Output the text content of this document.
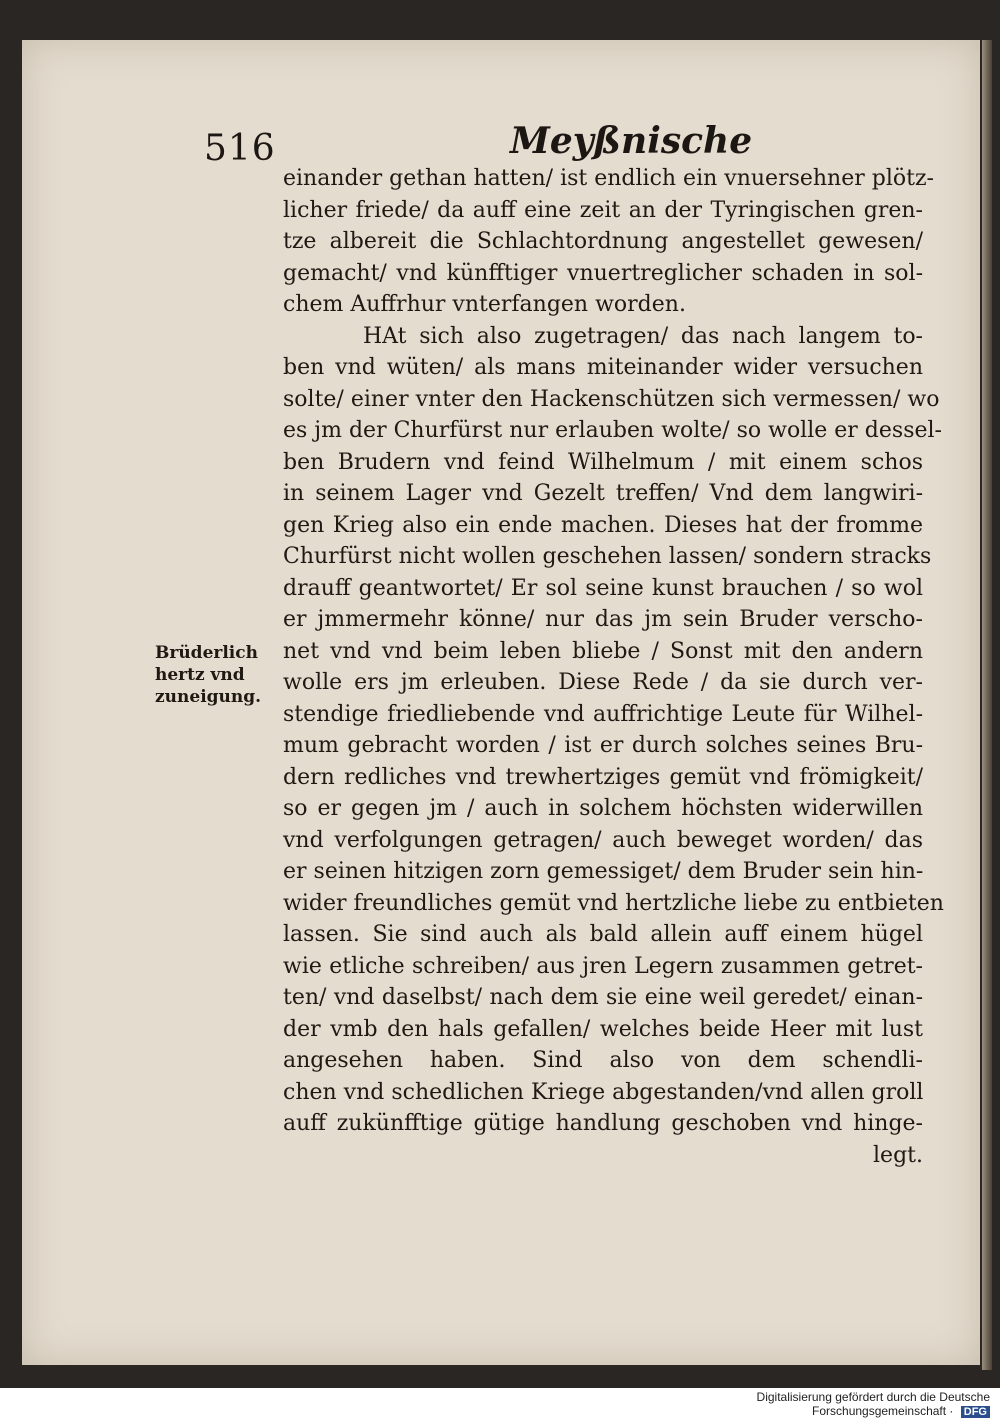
516	Meyßnische
Brüderlich
hertz vnd
zuneigung.
einander gethan hatten/ ist endlich ein vnuersehner plötz-
licher friede/ da auff eine zeit an der Tyringischen gren-
tze albereit die Schlachtordnung angestellet gewesen/
gemacht/ vnd künfftiger vnuertreglicher schaden in sol-
chem Auffrhur vnterfangen worden.
HAt sich also zugetragen/ das nach langem to-
ben vnd wüten/ als mans miteinander wider versuchen
solte/ einer vnter den Hackenschützen sich vermessen/ wo
es jm der Churfürst nur erlauben wolte/ so wolle er dessel-
ben Brudern vnd feind Wilhelmum / mit einem schos
in seinem Lager vnd Gezelt treffen/ Vnd dem langwiri-
gen Krieg also ein ende machen. Dieses hat der fromme
Churfürst nicht wollen geschehen lassen/ sondern stracks
drauff geantwortet/ Er sol seine kunst brauchen / so wol
er jmmermehr könne/ nur das jm sein Bruder verscho-
net vnd vnd beim leben bliebe / Sonst mit den andern
wolle ers jm erleuben. Diese Rede / da sie durch ver-
stendige friedliebende vnd auffrichtige Leute für Wilhel-
mum gebracht worden / ist er durch solches seines Bru-
dern redliches vnd trewhertziges gemüt vnd frömigkeit/
so er gegen jm / auch in solchem höchsten widerwillen
vnd verfolgungen getragen/ auch beweget worden/ das
er seinen hitzigen zorn gemessiget/ dem Bruder sein hin-
wider freundliches gemüt vnd hertzliche liebe zu entbieten
lassen. Sie sind auch als bald allein auff einem hügel
wie etliche schreiben/ aus jren Legern zusammen getret-
ten/ vnd daselbst/ nach dem sie eine weil geredet/ einan-
der vmb den hals gefallen/ welches beide Heer mit lust
angesehen haben. Sind also von dem schendli-
chen vnd schedlichen Kriege abgestanden/vnd allen groll
auff zukünfftige gütige handlung geschoben vnd hinge-
legt.
Digitalisierung gefördert durch die Deutsche Forschungsgemeinschaft · DFG
